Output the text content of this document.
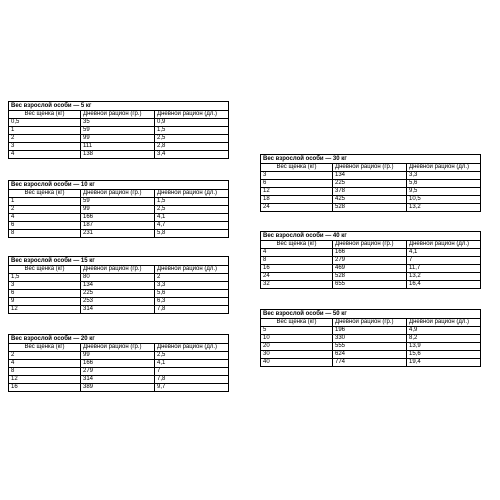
Вес взрослой особи — 5 кг		
Вес щенка (кг)	Дневной рацион (гр.)	Дневной рацион (дл.)
0,5	35	0,9
1	59	1,5
2	99	2,5
3	111	2,8
4	138	3,4
Вес взрослой особи — 10 кг		
Вес щенка (кг)	Дневной рацион (гр.)	Дневной рацион (дл.)
1	59	1,5
2	99	2,5
4	166	4,1
6	187	4,7
8	231	5,8
Вес взрослой особи — 15 кг		
Вес щенка (кг)	Дневной рацион (гр.)	Дневной рацион (дл.)
1,5	80	2
3	134	3,3
6	225	5,6
9	253	6,3
12	314	7,8
Вес взрослой особи — 20 кг		
Вес щенка (кг)	Дневной рацион (гр.)	Дневной рацион (дл.)
2	99	2,5
4	166	4,1
8	279	7
12	314	7,8
16	389	9,7
Вес взрослой особи — 30 кг		
Вес щенка (кг)	Дневной рацион (гр.)	Дневной рацион (дл.)
3	134	3,3
6	225	5,6
12	378	9,5
18	425	10,5
24	528	13,2
Вес взрослой особи — 40 кг		
Вес щенка (кг)	Дневной рацион (гр.)	Дневной рацион (дл.)
4	166	4,1
8	279	7
16	469	11,7
24	528	13,2
32	655	16,4
Вес взрослой особи — 50 кг		
Вес щенка (кг)	Дневной рацион (гр.)	Дневной рацион (дл.)
5	196	4,9
10	330	8,2
20	555	13,9
30	624	15,6
40	774	19,4
